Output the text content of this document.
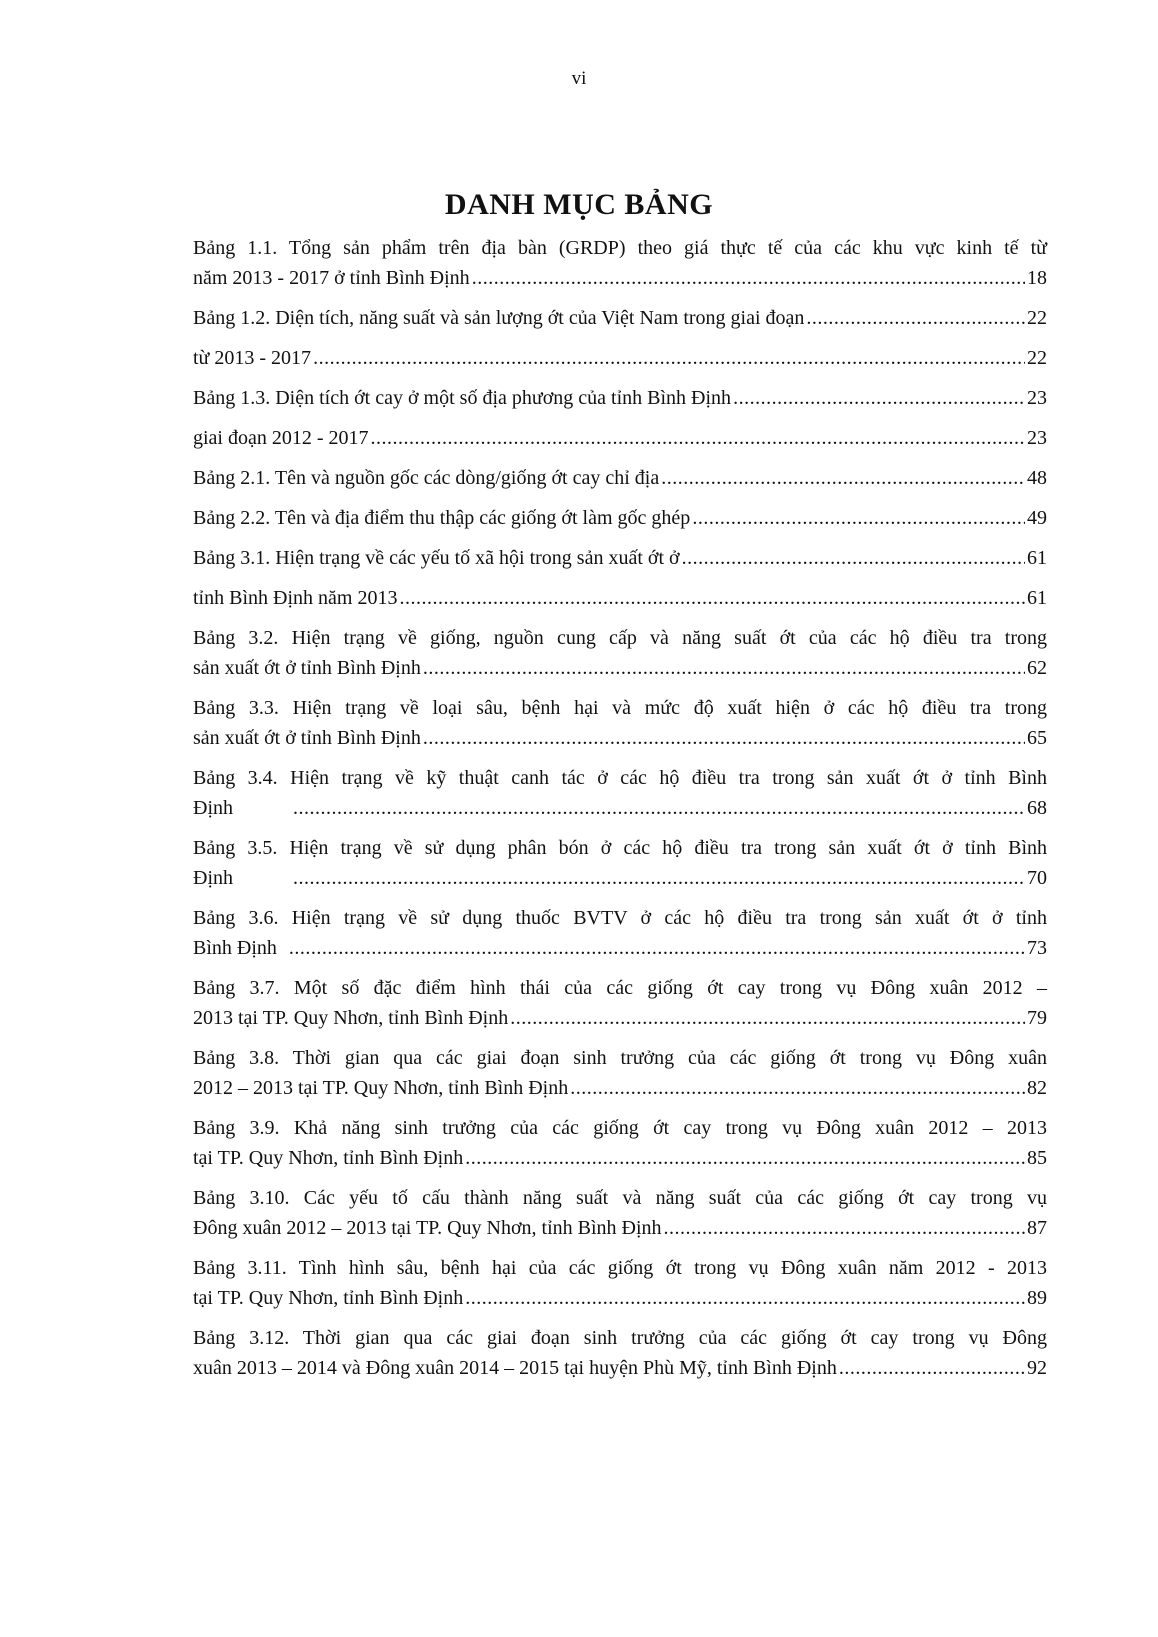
vi
DANH MỤC BẢNG
Bảng 1.1. Tổng sản phẩm trên địa bàn (GRDP) theo giá thực tế của các khu vực kinh tế từ
năm 2013 - 2017 ở tỉnh Bình Định .....	18
Bảng 1.2. Diện tích, năng suất và sản lượng ớt của Việt Nam trong giai đoạn .....	22
từ 2013 - 2017 .....	22
Bảng 1.3. Diện tích ớt cay ở một số địa phương của tỉnh Bình Định .....	23
giai đoạn 2012 - 2017 .....	23
Bảng 2.1. Tên và nguồn gốc các dòng/giống ớt cay chỉ địa .....	48
Bảng 2.2. Tên và địa điểm thu thập các giống ớt làm gốc ghép .....	49
Bảng 3.1. Hiện trạng về các yếu tố xã hội trong sản xuất ớt ở .....	61
tỉnh Bình Định năm 2013 .....	61
Bảng 3.2. Hiện trạng về giống, nguồn cung cấp và năng suất ớt của các hộ điều tra trong
sản xuất ớt ở tỉnh Bình Định .....	62
Bảng 3.3. Hiện trạng về loại sâu, bệnh hại và mức độ xuất hiện ở các hộ điều tra trong
sản xuất ớt ở tỉnh Bình Định .....	65
Bảng 3.4. Hiện trạng về kỹ thuật canh tác ở các hộ điều tra trong sản xuất ớt ở tỉnh Bình
Định .....	68
Bảng 3.5. Hiện trạng về sử dụng phân bón ở các hộ điều tra trong sản xuất ớt ở tỉnh Bình
Định .....	70
Bảng 3.6. Hiện trạng về sử dụng thuốc BVTV ở các hộ điều tra trong sản xuất ớt ở tỉnh
Bình Định .....	73
Bảng 3.7. Một số đặc điểm hình thái của các giống ớt cay trong vụ Đông xuân 2012 –
2013 tại TP. Quy Nhơn, tỉnh Bình Định .....	79
Bảng 3.8. Thời gian qua các giai đoạn sinh trưởng của các giống ớt trong vụ Đông xuân
2012 – 2013 tại TP. Quy Nhơn, tỉnh Bình Định .....	82
Bảng 3.9. Khả năng sinh trưởng của các giống ớt cay trong vụ Đông xuân 2012 – 2013
tại TP. Quy Nhơn, tỉnh Bình Định .....	85
Bảng 3.10. Các yếu tố cấu thành năng suất và năng suất của các giống ớt cay trong vụ
Đông xuân 2012 – 2013 tại TP. Quy Nhơn, tỉnh Bình Định .....	87
Bảng 3.11. Tình hình sâu, bệnh hại của các giống ớt trong vụ Đông xuân năm 2012 - 2013
tại TP. Quy Nhơn, tỉnh Bình Định .....	89
Bảng 3.12. Thời gian qua các giai đoạn sinh trưởng của các giống ớt cay trong vụ Đông
xuân 2013 – 2014 và Đông xuân 2014 – 2015 tại huyện Phù Mỹ, tỉnh Bình Định .....	92
